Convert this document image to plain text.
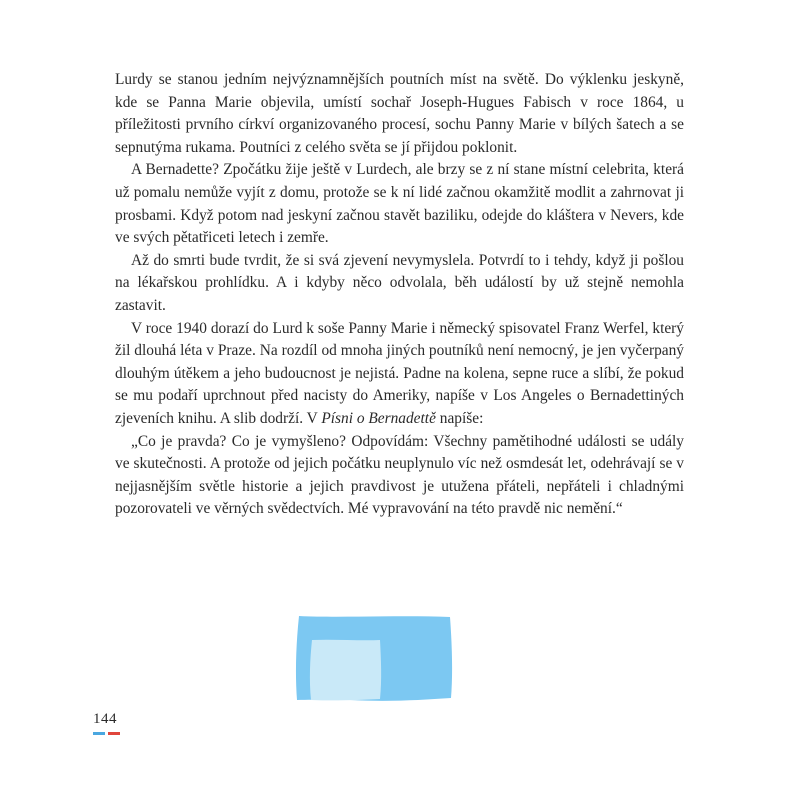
Lurdy se stanou jedním nejvýznamnějších poutních míst na světě. Do výklenku jeskyně, kde se Panna Marie objevila, umístí sochař Joseph-Hugues Fabisch v roce 1864, u příležitosti prvního církví organizovaného procesí, sochu Panny Marie v bílých šatech a se sepnutýma rukama. Poutníci z celého světa se jí přijdou poklonit.

A Bernadette? Zpočátku žije ještě v Lurdech, ale brzy se z ní stane místní celebrita, která už pomalu nemůže vyjít z domu, protože se k ní lidé začnou okamžitě modlit a zahrnovat ji prosbami. Když potom nad jeskyní začnou stavět baziliku, odejde do kláštera v Nevers, kde ve svých pětatřiceti letech i zemře.

Až do smrti bude tvrdit, že si svá zjevení nevymyslela. Potvrdí to i tehdy, když ji pošlou na lékařskou prohlídku. A i kdyby něco odvolala, běh událostí by už stejně nemohla zastavit.

V roce 1940 dorazí do Lurd k soše Panny Marie i německý spisovatel Franz Werfel, který žil dlouhá léta v Praze. Na rozdíl od mnoha jiných poutníků není nemocný, je jen vyčerpaný dlouhým útěkem a jeho budoucnost je nejistá. Padne na kolena, sepne ruce a slíbí, že pokud se mu podaří uprchnout před nacisty do Ameriky, napíše v Los Angeles o Bernadettiných zjeveních knihu. A slib dodrží. V Písni o Bernadettě napíše:

„Co je pravda? Co je vymyšleno? Odpovídám: Všechny pamětihodné události se udály ve skutečnosti. A protože od jejich počátku neuplynulo víc než osmdesát let, odehrávají se v nejjasnějším světle historie a jejich pravdivost je utužena přáteli, nepřáteli i chladnými pozorovateli ve věrných svědectvích. Mé vypravování na této pravdě nic nemění.“

144
